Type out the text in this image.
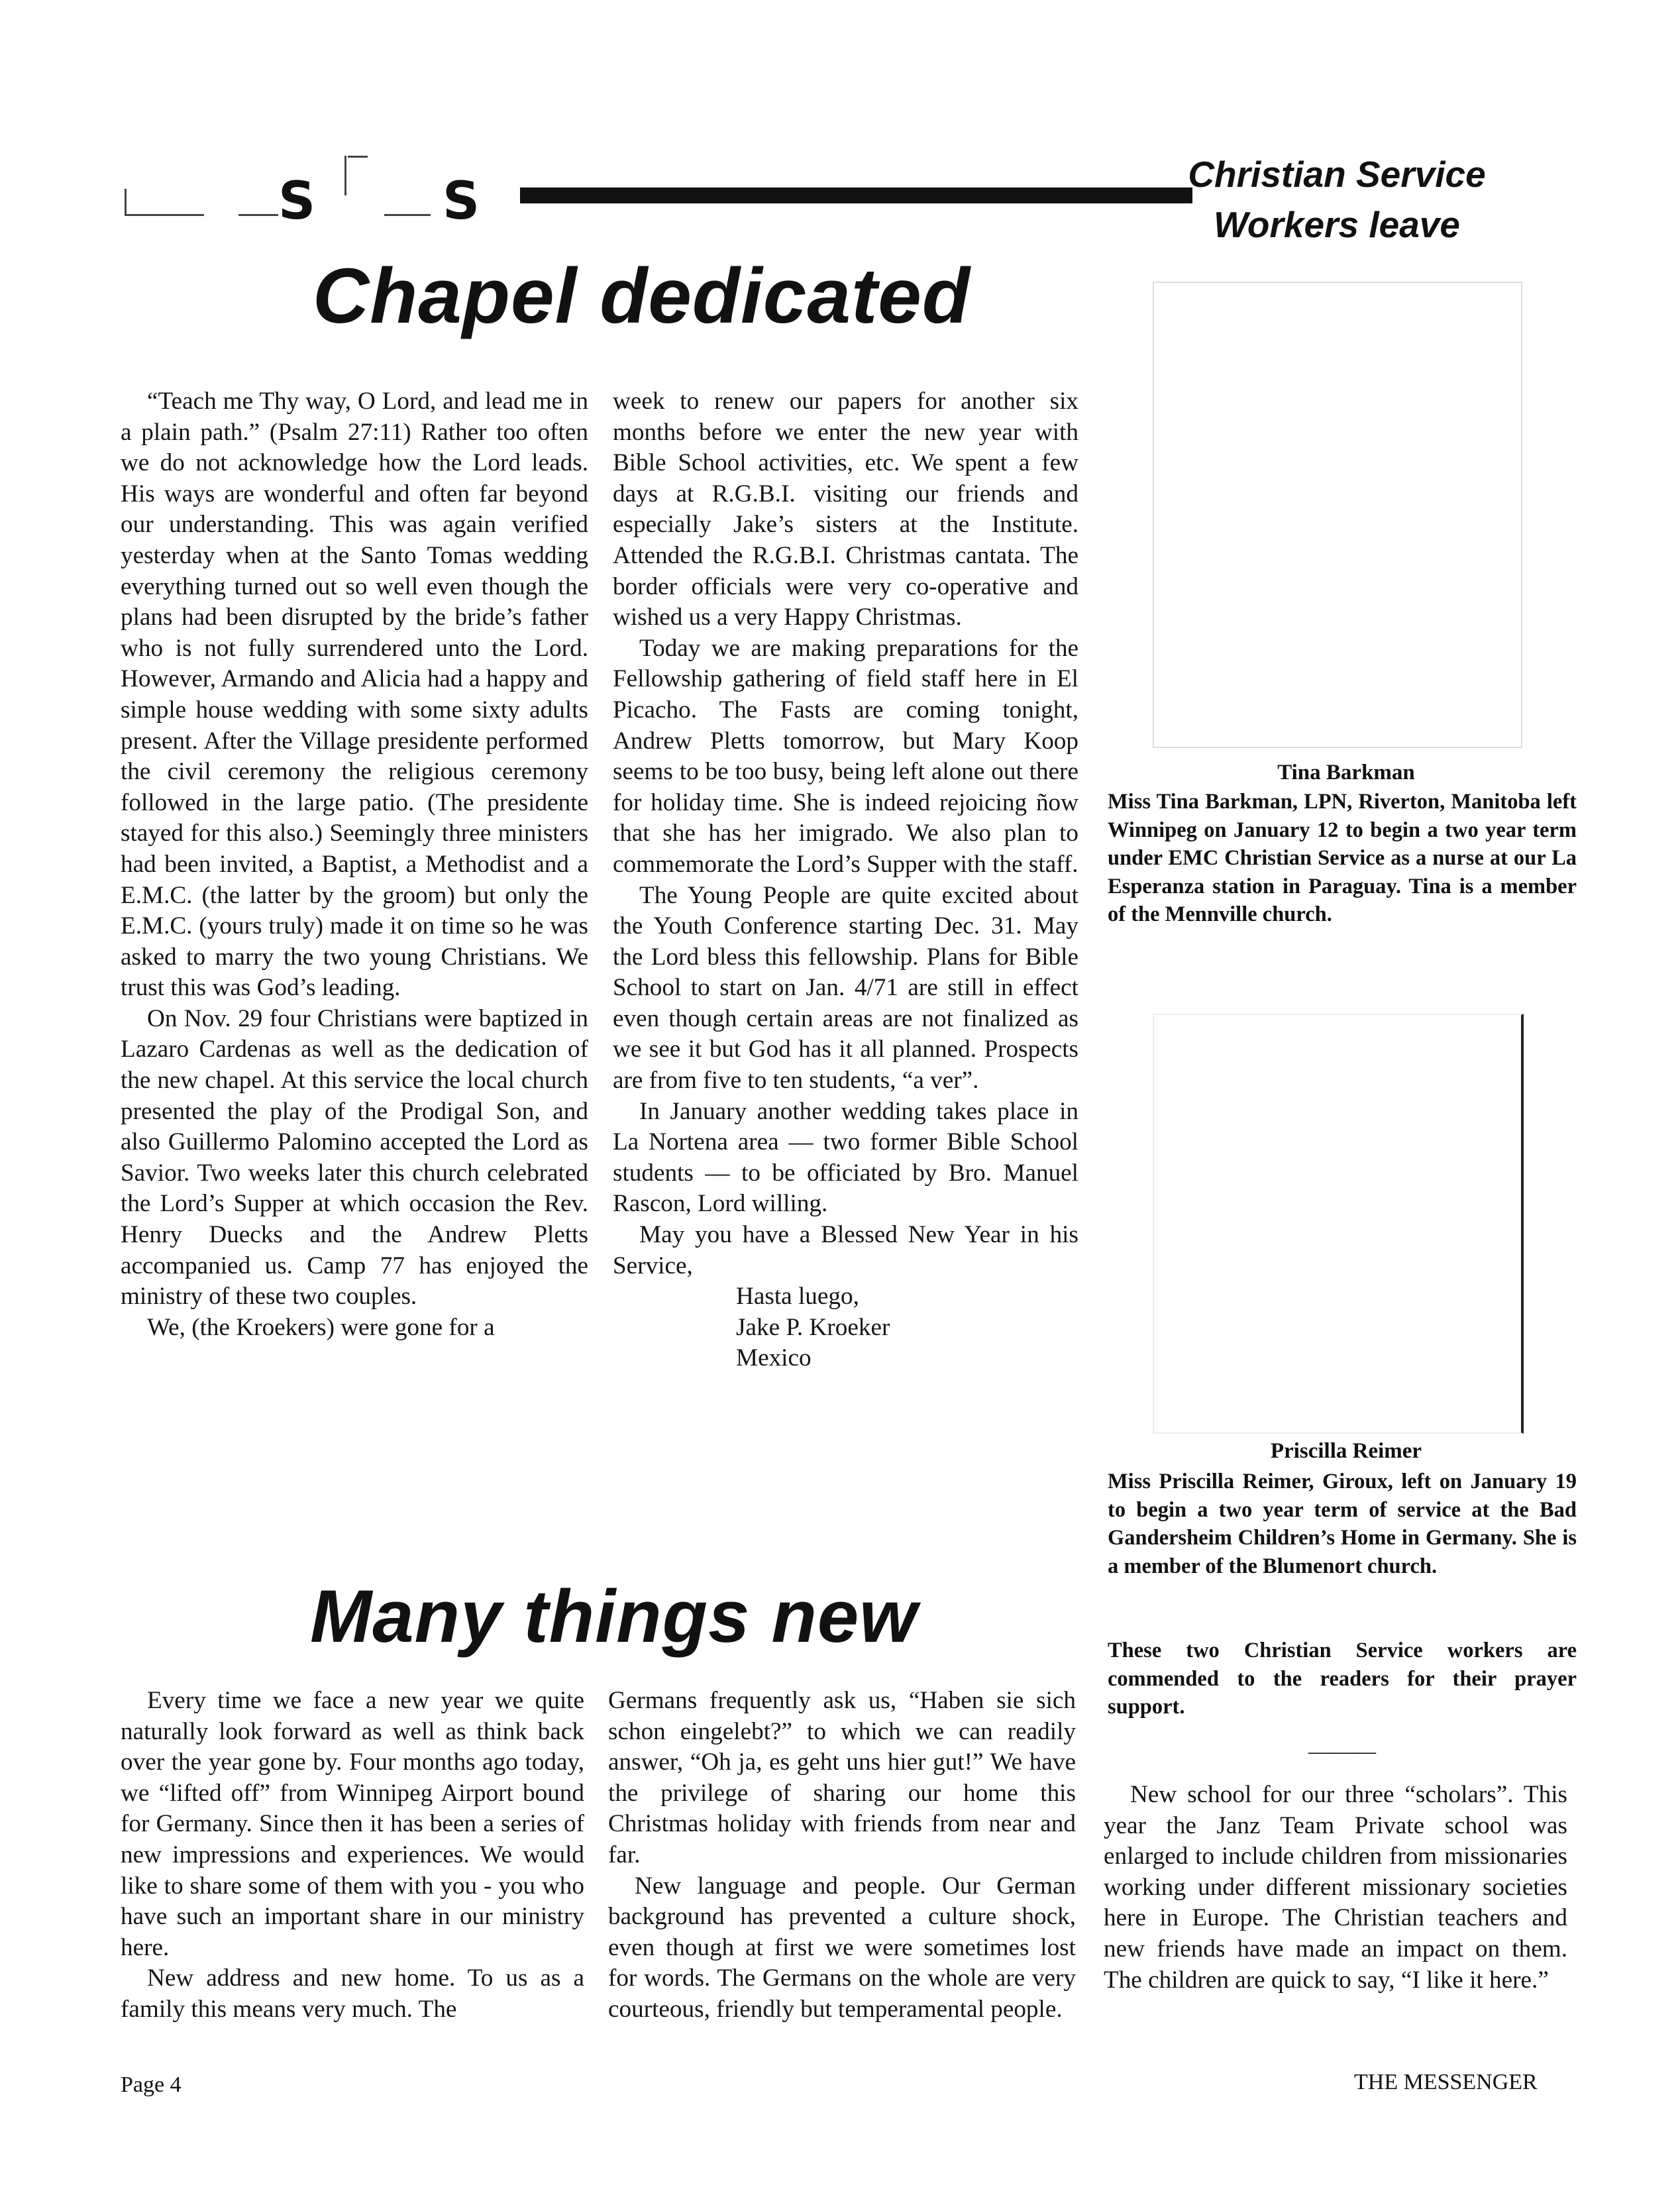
S S
Chapel dedicated

“Teach me Thy way, O Lord, and lead me in a plain path.” (Psalm 27:11) Rather too often we do not acknowledge how the Lord leads. His ways are wonderful and often far beyond our understanding. This was again verified yesterday when at the Santo Tomas wedding everything turned out so well even though the plans had been disrupted by the bride’s father who is not fully surrendered unto the Lord. However, Armando and Alicia had a happy and simple house wedding with some sixty adults present. After the Village presidente performed the civil ceremony the religious ceremony followed in the large patio. (The presidente stayed for this also.) Seemingly three ministers had been invited, a Baptist, a Methodist and a E.M.C. (the latter by the groom) but only the E.M.C. (yours truly) made it on time so he was asked to marry the two young Christians. We trust this was God’s leading.

On Nov. 29 four Christians were baptized in Lazaro Cardenas as well as the dedication of the new chapel. At this service the local church presented the play of the Prodigal Son, and also Guillermo Palomino accepted the Lord as Savior. Two weeks later this church celebrated the Lord’s Supper at which occasion the Rev. Henry Duecks and the Andrew Pletts accompanied us. Camp 77 has enjoyed the ministry of these two couples.

We, (the Kroekers) were gone for a

week to renew our papers for another six months before we enter the new year with Bible School activities, etc. We spent a few days at R.G.B.I. visiting our friends and especially Jake’s sisters at the Institute. Attended the R.G.B.I. Christmas cantata. The border officials were very co-operative and wished us a very Happy Christmas.

Today we are making preparations for the Fellowship gathering of field staff here in El Picacho. The Fasts are coming tonight, Andrew Pletts tomorrow, but Mary Koop seems to be too busy, being left alone out there for holiday time. She is indeed rejoicing ñow that she has her imigrado. We also plan to commemorate the Lord’s Supper with the staff.

The Young People are quite excited about the Youth Conference starting Dec. 31. May the Lord bless this fellowship. Plans for Bible School to start on Jan. 4/71 are still in effect even though certain areas are not finalized as we see it but God has it all planned. Prospects are from five to ten students, “a ver”.

In January another wedding takes place in La Nortena area — two former Bible School students — to be officiated by Bro. Manuel Rascon, Lord willing.

May you have a Blessed New Year in his Service,

Hasta luego,

Jake P. Kroeker

Mexico

Many things new

Every time we face a new year we quite naturally look forward as well as think back over the year gone by. Four months ago today, we “lifted off” from Winnipeg Airport bound for Germany. Since then it has been a series of new impressions and experiences. We would like to share some of them with you - you who have such an important share in our ministry here.

New address and new home. To us as a family this means very much. The

Germans frequently ask us, “Haben sie sich schon eingelebt?” to which we can readily answer, “Oh ja, es geht uns hier gut!” We have the privilege of sharing our home this Christmas holiday with friends from near and far.

New language and people. Our German background has prevented a culture shock, even though at first we were sometimes lost for words. The Germans on the whole are very courteous, friendly but temperamental people.

Christian Service
Workers leave
Tina Barkman
Miss Tina Barkman, LPN, Riverton, Manitoba left Winnipeg on January 12 to begin a two year term under EMC Christian Service as a nurse at our La Esperanza station in Paraguay. Tina is a member of the Mennville church.
Priscilla Reimer
Miss Priscilla Reimer, Giroux, left on January 19 to begin a two year term of service at the Bad Gandersheim Children’s Home in Germany. She is a member of the Blumenort church.
These two Christian Service workers are commended to the readers for their prayer support.
———

New school for our three “scholars”. This year the Janz Team Private school was enlarged to include children from missionaries working under different missionary societies here in Europe. The Christian teachers and new friends have made an impact on them. The children are quick to say, “I like it here.”

Page 4	THE MESSENGER
